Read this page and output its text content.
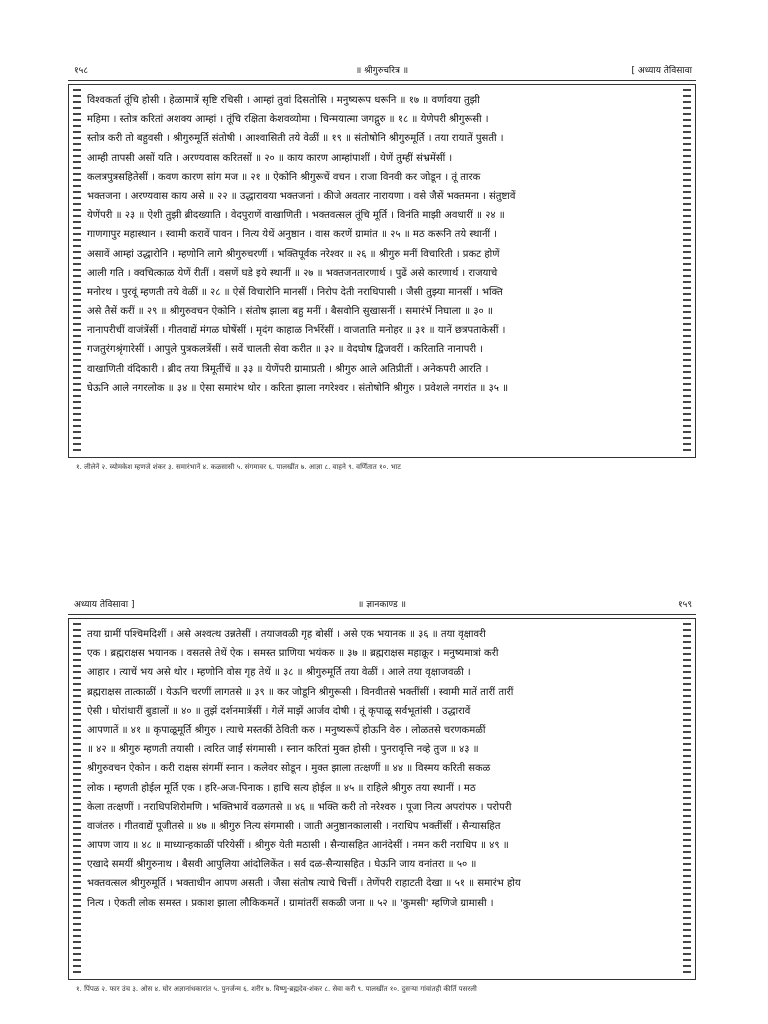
१५८	॥ श्रीगुरुचरित्र ॥	[ अध्याय तेविसावा
विश्वकर्ता तूंचि होसी । हेळामात्रें सृष्टि रचिसी । आम्हां तुवां दिसतोसि । मनुष्यरूप धरूनि ॥ १७ ॥ वर्णावया तुझी
महिमा । स्तोत्र करितां अशक्य आम्हां । तूंचि रक्षिता केशवव्योमा । चिन्मयात्मा जगद्गुरु ॥ १८ ॥ येणेपरी श्रीगुरूसी ।
स्तोत्र करी तो बहुवसी । श्रीगुरुमूर्ति संतोषी । आश्वासिती तये वेळीं ॥ १९ ॥ संतोषोनि श्रीगुरुमूर्ति । तया रायातें पुसती ।
आम्ही तापसी असों यति । अरण्यवास करितसों ॥ २० ॥ काय कारण आम्हांपाशीं । येणें तुम्हीं संभ्रमेंसीं ।
कलत्रपुत्रसहितेसीं । कवण कारण सांग मज ॥ २१ ॥ ऐकोनि श्रीगुरूचें वचन । राजा विनवी कर जोडून । तूं तारक
भक्तजना । अरण्यवास काय असे ॥ २२ ॥ उद्धारावया भक्तजनां । कीजे अवतार नारायणा । वसे जैसें भक्तमना । संतुष्टावें
येणेंपरी ॥ २३ ॥ ऐशी तुझी ब्रीदख्याति । वेदपुराणें वाखाणिती । भक्तवत्सल तूंचि मूर्ति । विनंति माझी अवधारीं ॥ २४ ॥
गाणगापुर महास्थान । स्वामी करावें पावन । नित्य येथें अनुष्ठान । वास करणें ग्रामांत ॥ २५ ॥ मठ करूनि तये स्थानीं ।
असावें आम्हां उद्धारोनि । म्हणोनि लागे श्रीगुरुचरणीं । भक्तिपूर्वक नरेश्वर ॥ २६ ॥ श्रीगुरु मनीं विचारिती । प्रकट होणें
आली गति । क्वचित्काळ येणें रीतीं । वसणें घडे इये स्थानीं ॥ २७ ॥ भक्तजनतारणार्थ । पुढें असे कारणार्थ । राजयाचे
मनोरथ । पुरवूं म्हणती तये वेळीं ॥ २८ ॥ ऐसें विचारोनि मानसीं । निरोप देती नराधिपासी । जैसी तुझ्या मानसीं । भक्ति
असे तैसें करीं ॥ २९ ॥ श्रीगुरुवचन ऐकोनि । संतोष झाला बहु मनीं । बैसवोनि सुखासनीं । समारंभें निघाला ॥ ३० ॥
नानापरीचीं वाजंत्रेंसीं । गीतवाद्यें मंगळ घोषेंसीं । मृदंग काहाळ निर्भरेंसीं । वाजताति मनोहर ॥ ३१ ॥ यानें छत्रपताकेसीं ।
गजतुरंगश्रृंगारेसीं । आपुले पुत्रकलत्रेंसीं । सवें चालती सेवा करीत ॥ ३२ ॥ वेदघोष द्विजवरीं । करिताति नानापरी ।
वाखाणिती वंदिकारी । ब्रीद तया त्रिमूर्तीचें ॥ ३३ ॥ येणेंपरी ग्रामाप्रती । श्रीगुरु आले अतिप्रीतीं । अनेकपरी आरति ।
घेऊनि आले नगरलोक ॥ ३४ ॥ ऐसा समारंभ थोर । करिता झाला नगरेश्वर । संतोषोनि श्रीगुरु । प्रवेशले नगरांत ॥ ३५ ॥
१. लीलेनें २. व्योमकेश म्हणजे शंकर ३. समारंभानें ४. कळसासी ५. संगमावर ६. पालखींत ७. आज्ञा ८. वाहने ९. वर्णितात १०. भाट
अध्याय तेविसावा ]	॥ ज्ञानकाण्ड ॥	१५९
तया ग्रामीं पश्चिमदिशीं । असे अश्वत्थ उन्नतेसीं । तयाजवळी गृह बोसीं । असे एक भयानक ॥ ३६ ॥ तया वृक्षावरी
एक । ब्रह्मराक्षस भयानक । वसतसे तेथें ऐक । समस्त प्राणिया भयंकरु ॥ ३७ ॥ ब्रह्मराक्षस महाक्रूर । मनुष्यमात्रां करी
आहार । त्याचें भय असे थोर । म्हणोनि वोस गृह तेथें ॥ ३८ ॥ श्रीगुरुमूर्ति तया वेळीं । आले तया वृक्षाजवळी ।
ब्रह्मराक्षस तात्काळीं । येऊनि चरणीं लागतसे ॥ ३९ ॥ कर जोडूनि श्रीगुरूसी । विनवीतसे भक्तींसीं । स्वामी मातें तारीं तारीं
ऐसी । घोरांधारीं बुडालों ॥ ४० ॥ तुझें दर्शनमात्रेंसीं । गेलें माझें आर्जव दोषी । तूं कृपाळू सर्वभूतांसी । उद्धारावें
आपणातें ॥ ४१ ॥ कृपाळूमूर्ति श्रीगुरु । त्याचे मस्तकीं ठेविती करु । मनुष्यरूपें होऊनि वेरु । लोळतसे चरणकमळीं
॥ ४२ ॥ श्रीगुरु म्हणती तयासी । त्वरित जाईं संगमासी । स्नान करितां मुक्त होसी । पुनरावृत्ति नव्हे तुज ॥ ४३ ॥
श्रीगुरुवचन ऐकोन । करी राक्षस संगमीं स्नान । कलेवर सोडून । मुक्त झाला तत्क्षणीं ॥ ४४ ॥ विस्मय करिती सकळ
लोक । म्हणती होईल मूर्ति एक । हरि-अज-पिनाक । हाचि सत्य होईल ॥ ४५ ॥ राहिले श्रीगुरु तया स्थानीं । मठ
केला तत्क्षणीं । नराधिपशिरोमणि । भक्तिभावें वळगतसे ॥ ४६ ॥ भक्ति करी तो नरेश्वरु । पूजा नित्य अपरांपरु । परोपरी
वाजंतरु । गीतवाद्यें पूजीतसे ॥ ४७ ॥ श्रीगुरु नित्य संगमासी । जाती अनुष्ठानकालासी । नराधिप भक्तींसीं । सैन्यासहित
आपण जाय ॥ ४८ ॥ माध्यान्हकाळीं परियेसीं । श्रीगुरु येती मठासी । सैन्यासहित आनंदेसीं । नमन करी नराधिप ॥ ४९ ॥
एखादे समयीं श्रीगुरुनाथ । बैसवी आपुलिया आंदोलिकेंत । सर्व दळ-सैन्यासहित । घेऊनि जाय वनांतरा ॥ ५० ॥
भक्तवत्सल श्रीगुरुमूर्ति । भक्ताधीन आपण असती । जैसा संतोष त्याचे चित्तीं । तेणेंपरी राहाटती देखा ॥ ५१ ॥ समारंभ होय
नित्य । ऐकती लोक समस्त । प्रकाश झाला लौकिकमतें । ग्रामांतरीं सकळी जना ॥ ५२ ॥ 'कुमसी' म्हणिजे ग्रामासी ।
१. पिंपळ २. फार उंच ३. ओस ४. घोर अज्ञानांधकारांत ५. पुनर्जन्म ६. शरीर ७. विष्णु-ब्रह्मदेव-शंकर ८. सेवा करी ९. पालखींत १०. दुसऱ्या गांवांतही कीर्ति पसरली
